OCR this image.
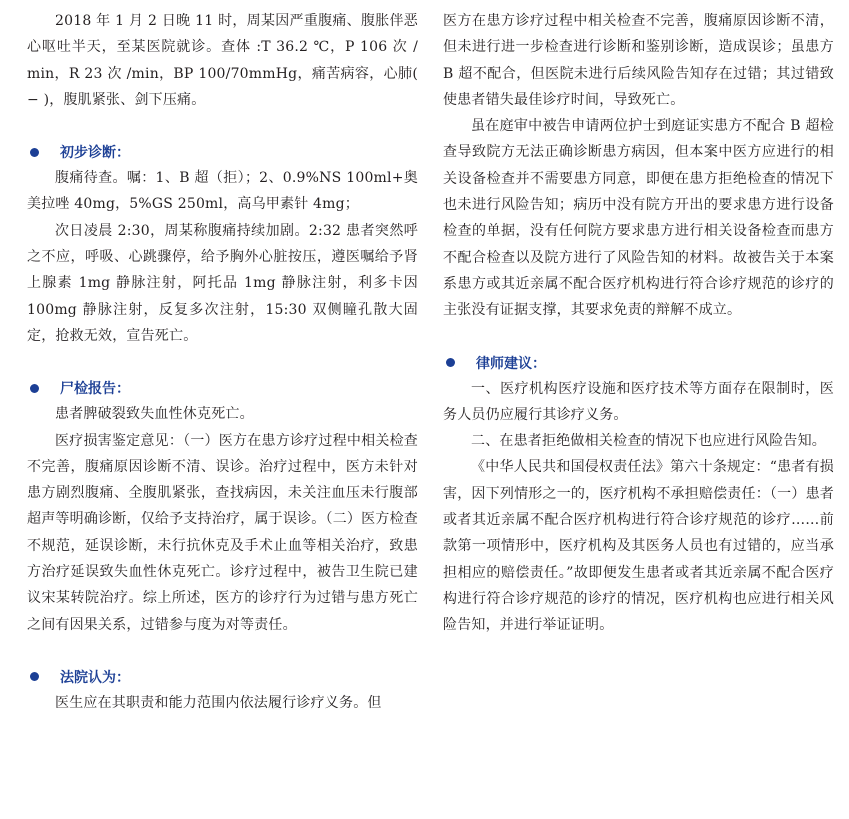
2018 年 1 月 2 日晚 11 时，周某因严重腹痛、腹胀伴恶心呕吐半天，至某医院就诊。查体 :T 36.2 ℃，P 106 次 / min，R 23 次 /min，BP 100/70mmHg，痛苦病容，心肺( − )，腹肌紧张、剑下压痛。

初步诊断：

腹痛待查。嘱：1、B 超（拒）；2、0.9%NS 100ml+奥美拉唑 40mg，5%GS 250ml，高乌甲素针 4mg；

次日凌晨 2:30，周某称腹痛持续加剧。2:32 患者突然呼之不应，呼吸、心跳骤停，给予胸外心脏按压，遵医嘱给予肾上腺素 1mg 静脉注射，阿托品 1mg 静脉注射，利多卡因 100mg 静脉注射，反复多次注射，15:30 双侧瞳孔散大固定，抢救无效，宣告死亡。

尸检报告：

患者脾破裂致失血性休克死亡。

医疗损害鉴定意见：（一）医方在患方诊疗过程中相关检查不完善，腹痛原因诊断不清、误诊。治疗过程中，医方未针对患方剧烈腹痛、全腹肌紧张，查找病因，未关注血压未行腹部超声等明确诊断，仅给予支持治疗，属于误诊。（二）医方检查不规范，延误诊断，未行抗休克及手术止血等相关治疗，致患方治疗延误致失血性休克死亡。诊疗过程中，被告卫生院已建议宋某转院治疗。综上所述，医方的诊疗行为过错与患方死亡之间有因果关系，过错参与度为对等责任。

法院认为：

医生应在其职责和能力范围内依法履行诊疗义务。但

医方在患方诊疗过程中相关检查不完善，腹痛原因诊断不清，但未进行进一步检查进行诊断和鉴别诊断，造成误诊；虽患方 B 超不配合，但医院未进行后续风险告知存在过错；其过错致使患者错失最佳诊疗时间，导致死亡。

虽在庭审中被告申请两位护士到庭证实患方不配合 B 超检查导致院方无法正确诊断患方病因，但本案中医方应进行的相关设备检查并不需要患方同意，即便在患方拒绝检查的情况下也未进行风险告知；病历中没有院方开出的要求患方进行设备检查的单据，没有任何院方要求患方进行相关设备检查而患方不配合检查以及院方进行了风险告知的材料。故被告关于本案系患方或其近亲属不配合医疗机构进行符合诊疗规范的诊疗的主张没有证据支撑，其要求免责的辩解不成立。

律师建议：

一、医疗机构医疗设施和医疗技术等方面存在限制时，医务人员仍应履行其诊疗义务。

二、在患者拒绝做相关检查的情况下也应进行风险告知。

《中华人民共和国侵权责任法》第六十条规定：“患者有损害，因下列情形之一的，医疗机构不承担赔偿责任：（一）患者或者其近亲属不配合医疗机构进行符合诊疗规范的诊疗……前款第一项情形中，医疗机构及其医务人员也有过错的，应当承担相应的赔偿责任。”故即便发生患者或者其近亲属不配合医疗构进行符合诊疗规范的诊疗的情况，医疗机构也应进行相关风险告知，并进行举证证明。
